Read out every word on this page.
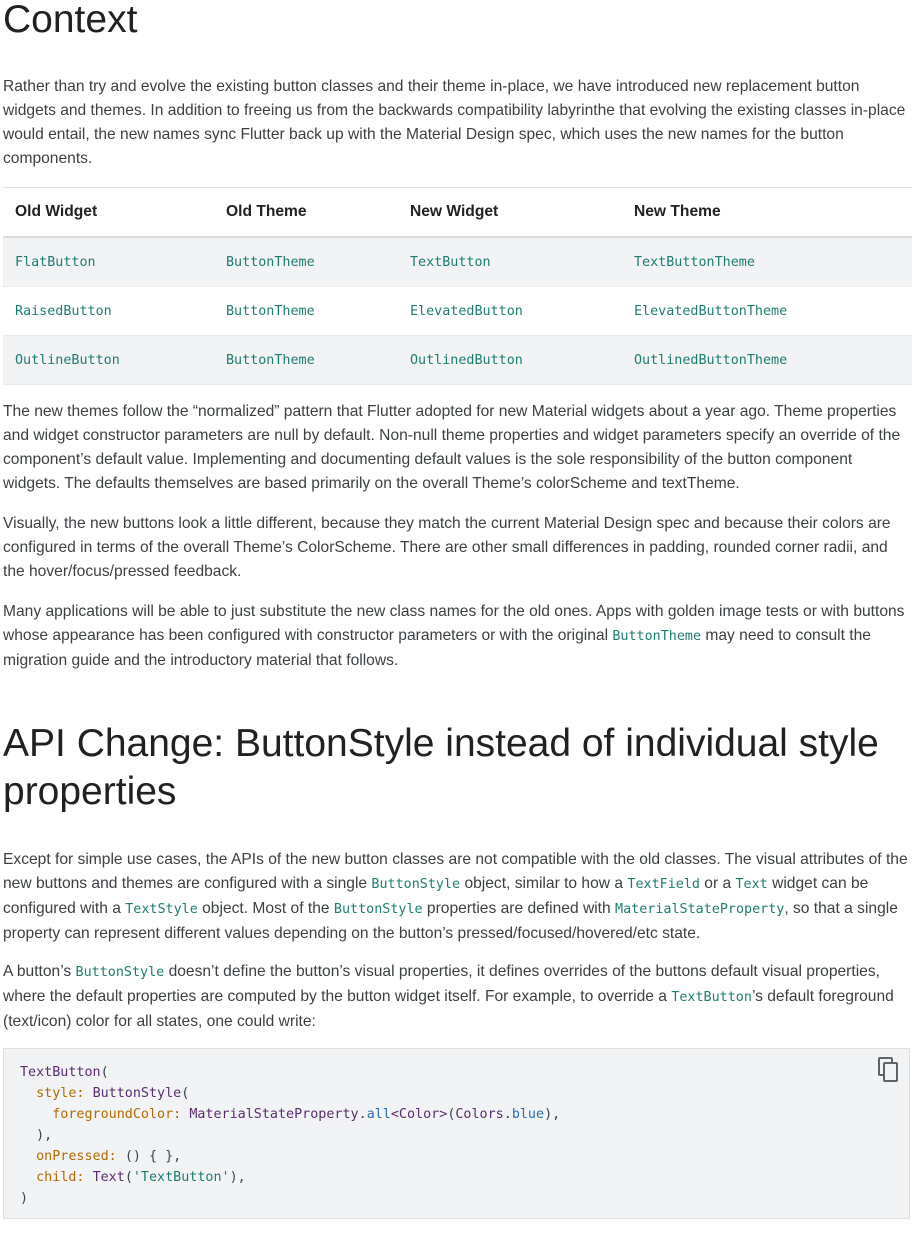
Context

Rather than try and evolve the existing button classes and their theme in-place, we have introduced new replacement button widgets and themes. In addition to freeing us from the backwards compatibility labyrinthe that evolving the existing classes in-place would entail, the new names sync Flutter back up with the Material Design spec, which uses the new names for the button components.

Old Widget	Old Theme	New Widget	New Theme
FlatButton	ButtonTheme	TextButton	TextButtonTheme
RaisedButton	ButtonTheme	ElevatedButton	ElevatedButtonTheme
OutlineButton	ButtonTheme	OutlinedButton	OutlinedButtonTheme

The new themes follow the “normalized” pattern that Flutter adopted for new Material widgets about a year ago. Theme properties and widget constructor parameters are null by default. Non-null theme properties and widget parameters specify an override of the component’s default value. Implementing and documenting default values is the sole responsibility of the button component widgets. The defaults themselves are based primarily on the overall Theme’s colorScheme and textTheme.

Visually, the new buttons look a little different, because they match the current Material Design spec and because their colors are configured in terms of the overall Theme’s ColorScheme. There are other small differences in padding, rounded corner radii, and the hover/focus/pressed feedback.

Many applications will be able to just substitute the new class names for the old ones. Apps with golden image tests or with buttons whose appearance has been configured with constructor parameters or with the original ButtonTheme may need to consult the migration guide and the introductory material that follows.

API Change: ButtonStyle instead of individual style properties

Except for simple use cases, the APIs of the new button classes are not compatible with the old classes. The visual attributes of the new buttons and themes are configured with a single ButtonStyle object, similar to how a TextField or a Text widget can be configured with a TextStyle object. Most of the ButtonStyle properties are defined with MaterialStateProperty, so that a single property can represent different values depending on the button’s pressed/focused/hovered/etc state.

A button’s ButtonStyle doesn’t define the button’s visual properties, it defines overrides of the buttons default visual properties, where the default properties are computed by the button widget itself. For example, to override a TextButton’s default foreground (text/icon) color for all states, one could write:

TextButton(
style: ButtonStyle(
foregroundColor: MaterialStateProperty.all<Color>(Colors.blue),
),
onPressed: () { },
child: Text('TextButton'),
)
